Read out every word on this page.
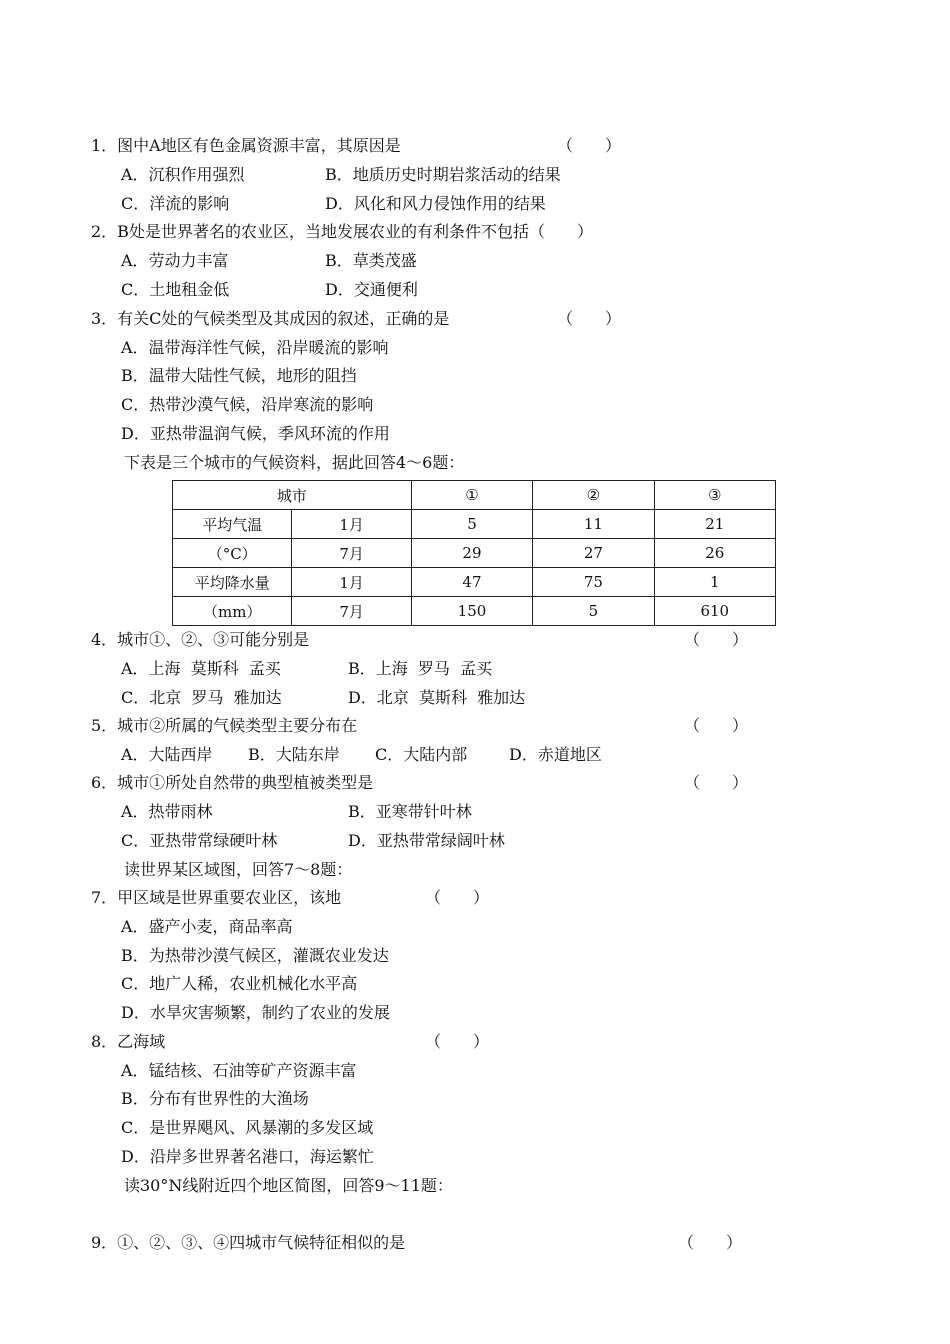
1．图中A地区有色金属资源丰富，其原因是	（　　）
A．沉积作用强烈	B．地质历史时期岩浆活动的结果
C．洋流的影响	D．风化和风力侵蚀作用的结果
2．B处是世界著名的农业区，当地发展农业的有利条件不包括（　　）
A．劳动力丰富	B．草类茂盛
C．土地租金低	D．交通便利
3．有关C处的气候类型及其成因的叙述，正确的是	（　　）
A．温带海洋性气候，沿岸暖流的影响
B．温带大陆性气候，地形的阻挡
C．热带沙漠气候，沿岸寒流的影响
D．亚热带温润气候，季风环流的作用
下表是三个城市的气候资料，据此回答4～6题：
城市		①	②	③
平均气温	1月	5	11	21
（°C）	7月	29	27	26
平均降水量	1月	47	75	1
（mm）	7月	150	5	610
4．城市①、②、③可能分别是	（　　）
A．上海  莫斯科  孟买	B．上海  罗马  孟买
C．北京  罗马  雅加达	D．北京  莫斯科  雅加达
5．城市②所属的气候类型主要分布在	（　　）
A．大陆西岸 B．大陆东岸 C．大陆内部	D．赤道地区
6．城市①所处自然带的典型植被类型是	（　　）
A．热带雨林	B．亚寒带针叶林
C．亚热带常绿硬叶林	D．亚热带常绿阔叶林
读世界某区域图，回答7～8题：
7．甲区域是世界重要农业区，该地	（　　）
A．盛产小麦，商品率高
B．为热带沙漠气候区，灌溉农业发达
C．地广人稀，农业机械化水平高
D．水旱灾害频繁，制约了农业的发展
8．乙海域	（　　）
A．锰结核、石油等矿产资源丰富
B．分布有世界性的大渔场
C．是世界飓风、风暴潮的多发区域
D．沿岸多世界著名港口，海运繁忙
读30°N线附近四个地区简图，回答9～11题：
9．①、②、③、④四城市气候特征相似的是	（　　）
